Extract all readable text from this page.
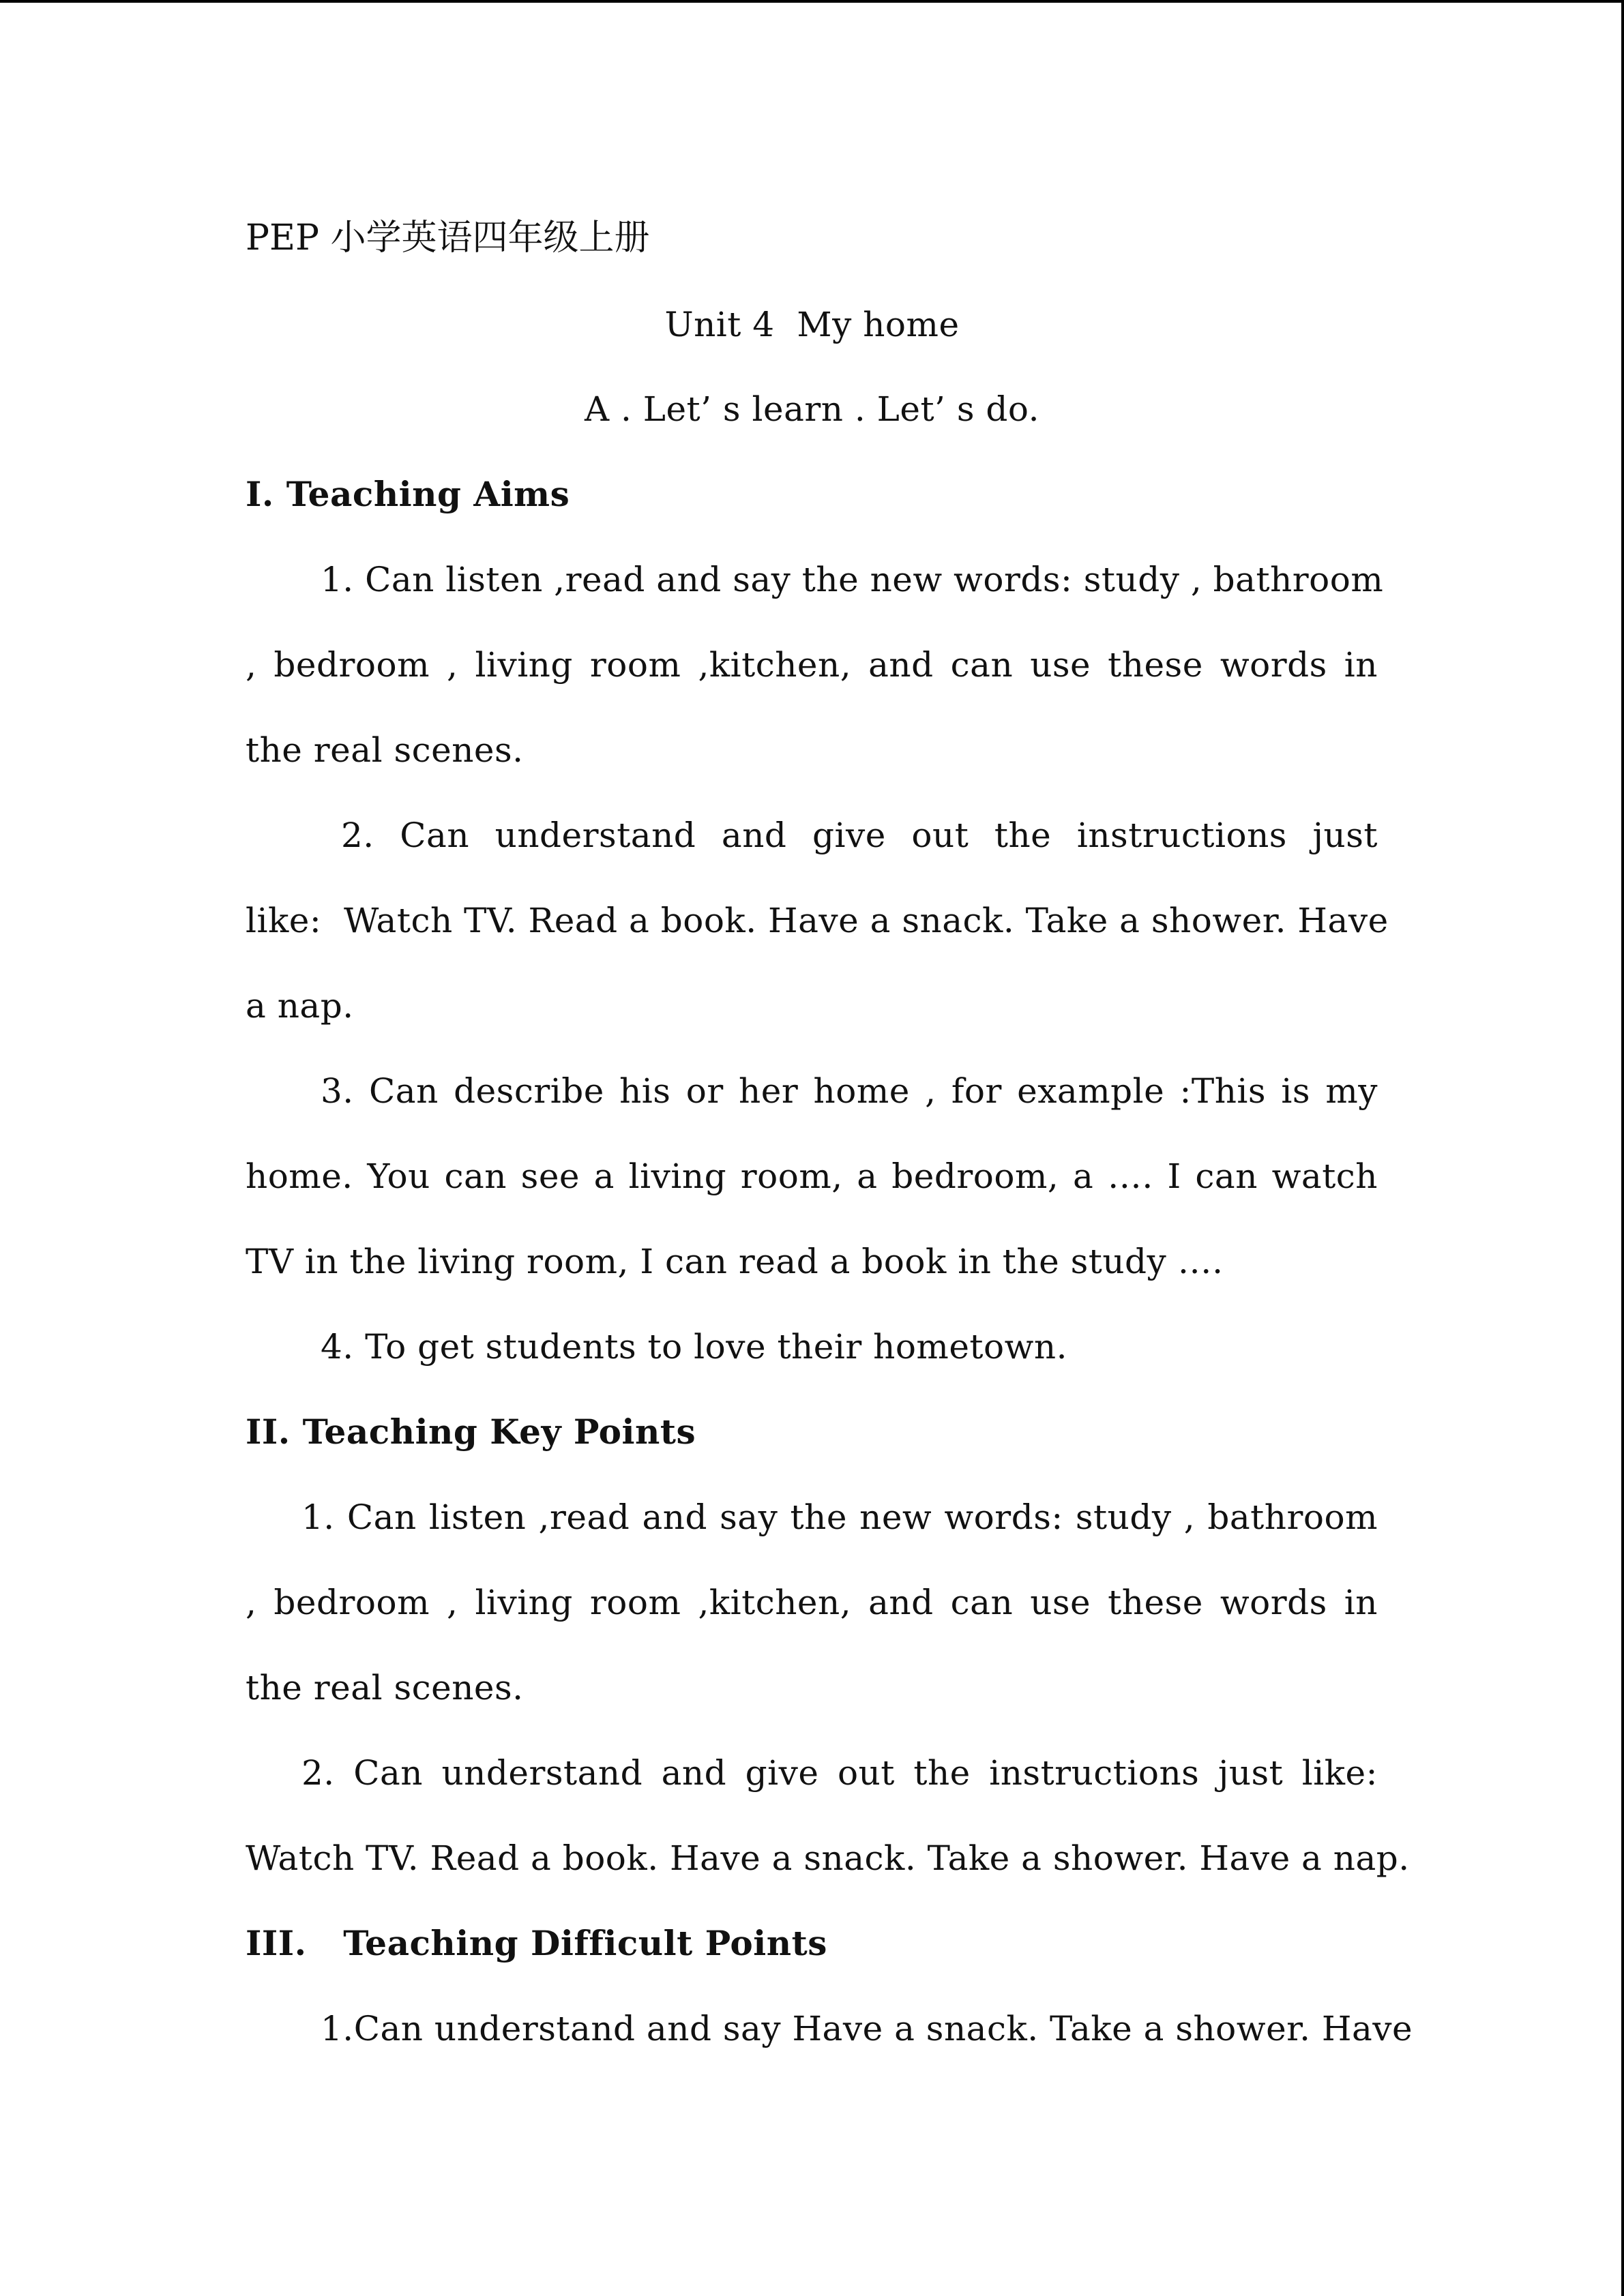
PEP 小学英语四年级上册
Unit 4  My home
A . Let’ s learn . Let’ s do.
I. Teaching Aims
1. Can listen ,read and say the new words: study , bathroom
, bedroom , living room ,kitchen, and can use these words in
the real scenes.
2. Can understand and give out the instructions just
like:  Watch TV. Read a book. Have a snack. Take a shower. Have
a nap.
3. Can describe his or her home , for example :This is my
home. You can see a living room, a bedroom, a …. I can watch
TV in the living room, I can read a book in the study ….
4. To get students to love their hometown.
II. Teaching Key Points
1. Can listen ,read and say the new words: study , bathroom
, bedroom , living room ,kitchen, and can use these words in
the real scenes.
2. Can understand and give out the instructions just like:
Watch TV. Read a book. Have a snack. Take a shower. Have a nap.
III.   Teaching Difficult Points
1.Can understand and say Have a snack. Take a shower. Have
